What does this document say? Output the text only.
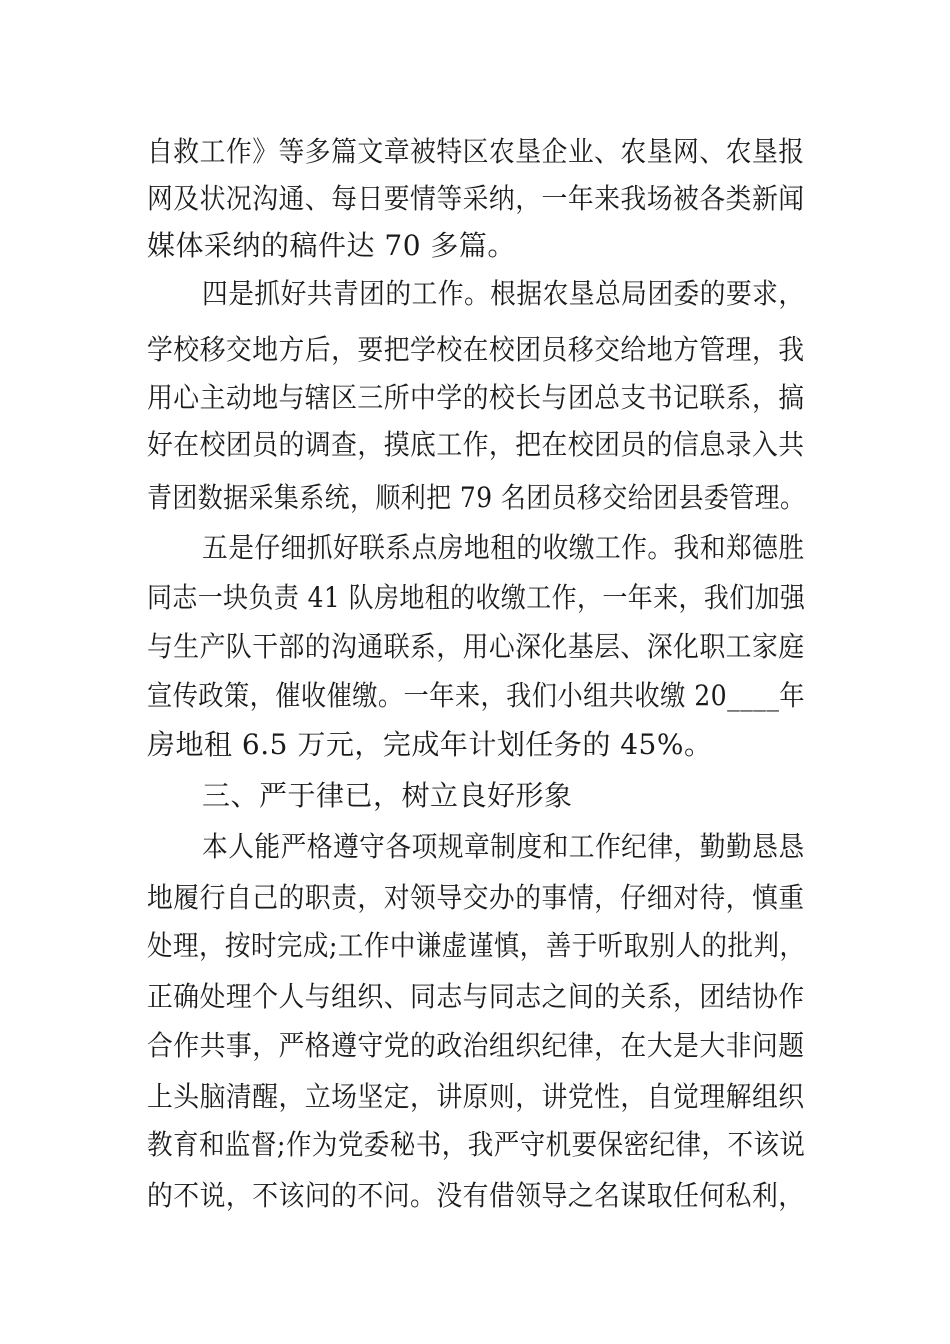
自救工作》等多篇文章被特区农垦企业、农垦网、农垦报
网及状况沟通、每日要情等采纳，一年来我场被各类新闻
媒体采纳的稿件达 70 多篇。
四是抓好共青团的工作。根据农垦总局团委的要求，
学校移交地方后，要把学校在校团员移交给地方管理，我
用心主动地与辖区三所中学的校长与团总支书记联系，搞
好在校团员的调查，摸底工作，把在校团员的信息录入共
青团数据采集系统，顺利把 79 名团员移交给团县委管理。
五是仔细抓好联系点房地租的收缴工作。我和郑德胜
同志一块负责 41 队房地租的收缴工作，一年来，我们加强
与生产队干部的沟通联系，用心深化基层、深化职工家庭
宣传政策，催收催缴。一年来，我们小组共收缴 20____年
房地租 6.5 万元，完成年计划任务的 45%。
三、严于律已，树立良好形象
本人能严格遵守各项规章制度和工作纪律，勤勤恳恳
地履行自己的职责，对领导交办的事情，仔细对待，慎重
处理，按时完成;工作中谦虚谨慎，善于听取别人的批判，
正确处理个人与组织、同志与同志之间的关系，团结协作
合作共事，严格遵守党的政治组织纪律，在大是大非问题
上头脑清醒，立场坚定，讲原则，讲党性，自觉理解组织
教育和监督;作为党委秘书，我严守机要保密纪律，不该说
的不说，不该问的不问。没有借领导之名谋取任何私利，
